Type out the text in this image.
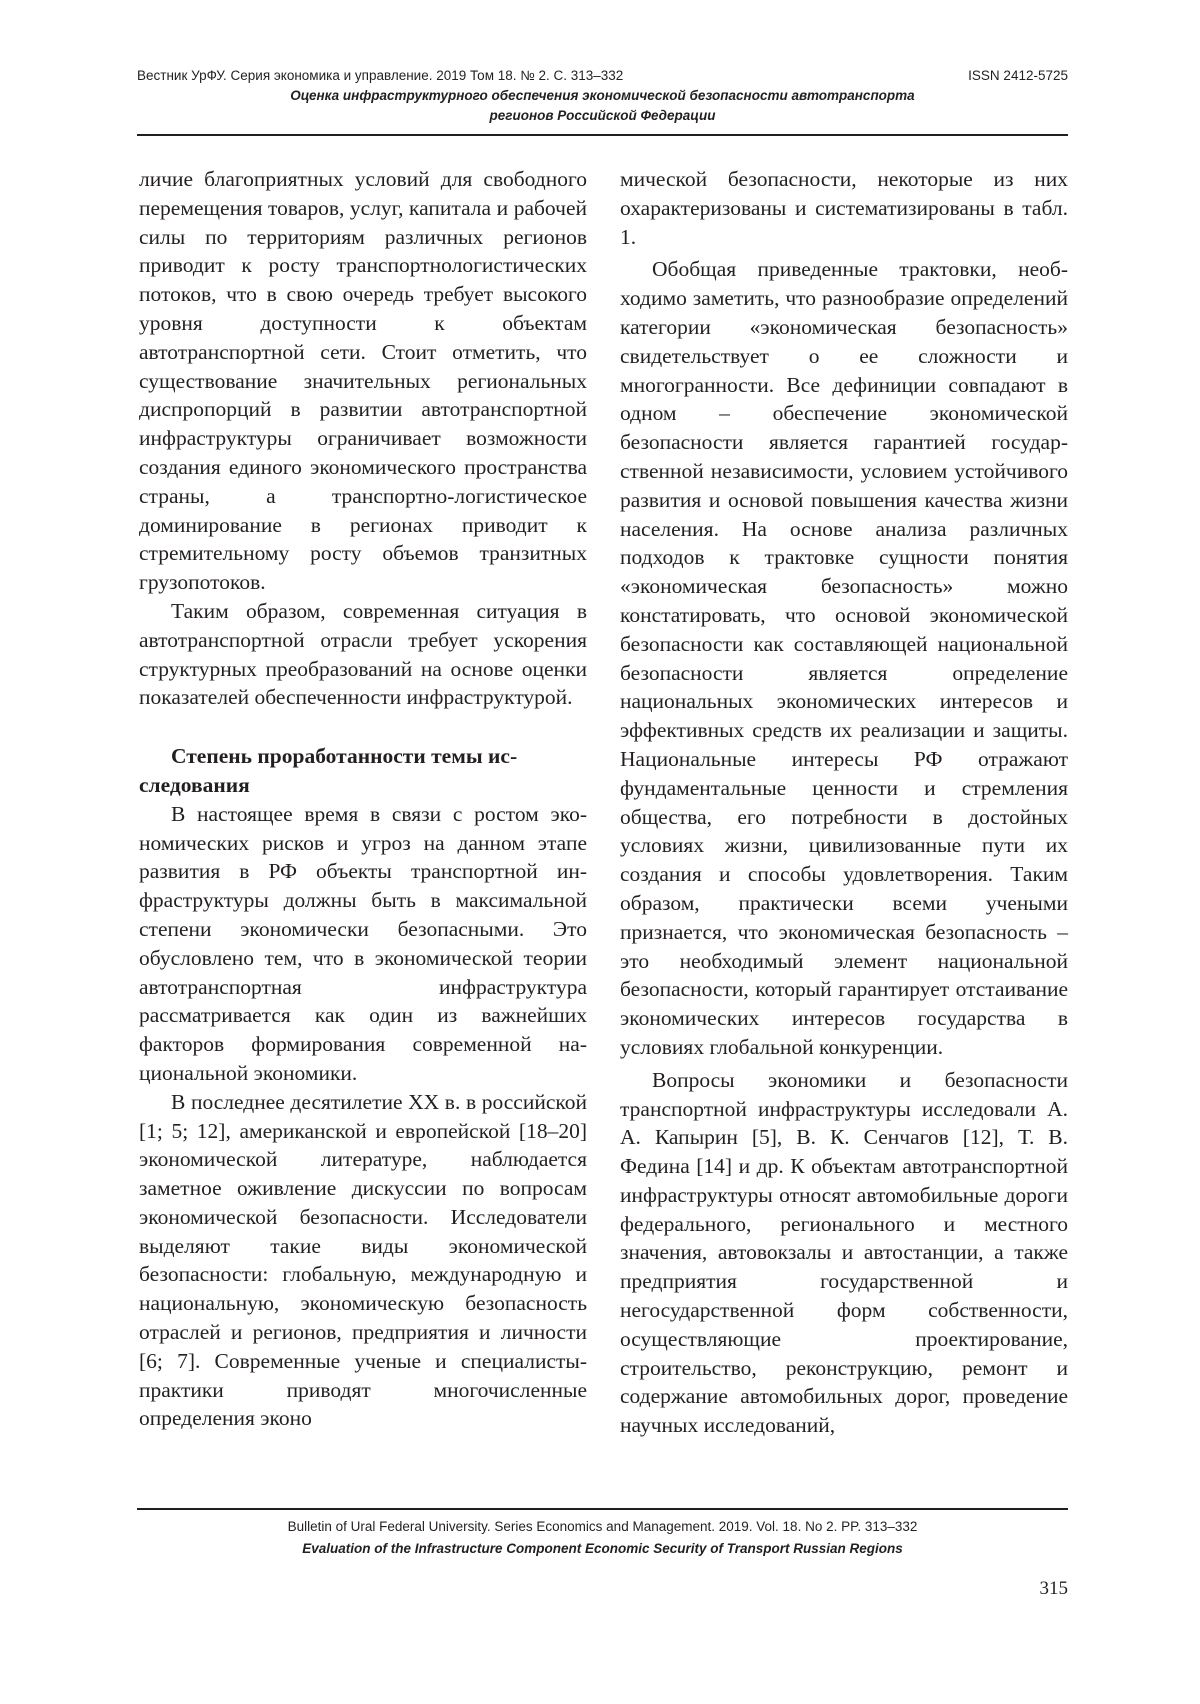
Вестник УрФУ. Серия экономика и управление. 2019 Том 18. № 2. С. 313–332	ISSN 2412-5725
Оценка инфраструктурного обеспечения экономической безопасности автотранспорта
регионов Российской Федерации

личие благоприятных условий для свободного перемещения товаров, услуг, капитала и рабочей силы по территориям различных регионов приводит к росту транспортнологистических потоков, что в свою очередь требует высокого уровня доступности к объектам автотранспортной сети. Стоит отметить, что существование значительных региональных диспропорций в развитии автотранспортной инфраструктуры ограничивает возможности создания единого экономического пространства страны, а транспортно-логистическое доминирование в регионах приводит к стремительному росту объемов транзитных грузопотоков.

Таким образом, современная ситуация в автотранспортной отрасли требует ускорения структурных преобразований на основе оценки показателей обеспеченности инфраструктурой.

Степень проработанности темы исследования

В настоящее время в связи с ростом экономических рисков и угроз на данном этапе развития в РФ объекты транспортной инфраструктуры должны быть в максимальной степени экономически безопасными. Это обусловлено тем, что в экономической теории автотранспортная инфраструктура рассматривается как один из важнейших факторов формирования современной национальной экономики.

В последнее десятилетие XX в. в российской [1; 5; 12], американской и европейской [18–20] экономической литературе, наблюдается заметное оживление дискуссии по вопросам экономической безопасности. Исследователи выделяют такие виды экономической безопасности: глобальную, международную и национальную, экономическую безопасность отраслей и регионов, предприятия и личности [6; 7]. Современные ученые и специалисты-практики приводят многочисленные определения эконо

мической безопасности, некоторые из них охарактеризованы и систематизированы в табл. 1.

Обобщая приведенные трактовки, необходимо заметить, что разнообразие определений категории «экономическая безопасность» свидетельствует о ее сложности и многогранности. Все дефиниции совпадают в одном – обеспечение экономической безопасности является гарантией государственной независимости, условием устойчивого развития и основой повышения качества жизни населения. На основе анализа различных подходов к трактовке сущности понятия «экономическая безопасность» можно констатировать, что основой экономической безопасности как составляющей национальной безопасности является определение национальных экономических интересов и эффективных средств их реализации и защиты. Национальные интересы РФ отражают фундаментальные ценности и стремления общества, его потребности в достойных условиях жизни, цивилизованные пути их создания и способы удовлетворения. Таким образом, практически всеми учеными признается, что экономическая безопасность – это необходимый элемент национальной безопасности, который гарантирует отстаивание экономических интересов государства в условиях глобальной конкуренции.

Вопросы экономики и безопасности транспортной инфраструктуры исследовали А. А. Капырин [5], В. К. Сенчагов [12], Т. В. Федина [14] и др. К объектам автотранспортной инфраструктуры относят автомобильные дороги федерального, регионального и местного значения, автовокзалы и автостанции, а также предприятия государственной и негосударственной форм собственности, осуществляющие проектирование, строительство, реконструкцию, ремонт и содержание автомобильных дорог, проведение научных исследований,

Bulletin of Ural Federal University. Series Economics and Management. 2019. Vol. 18. No 2. PP. 313–332
Evaluation of the Infrastructure Component Economic Security of Transport Russian Regions
315
